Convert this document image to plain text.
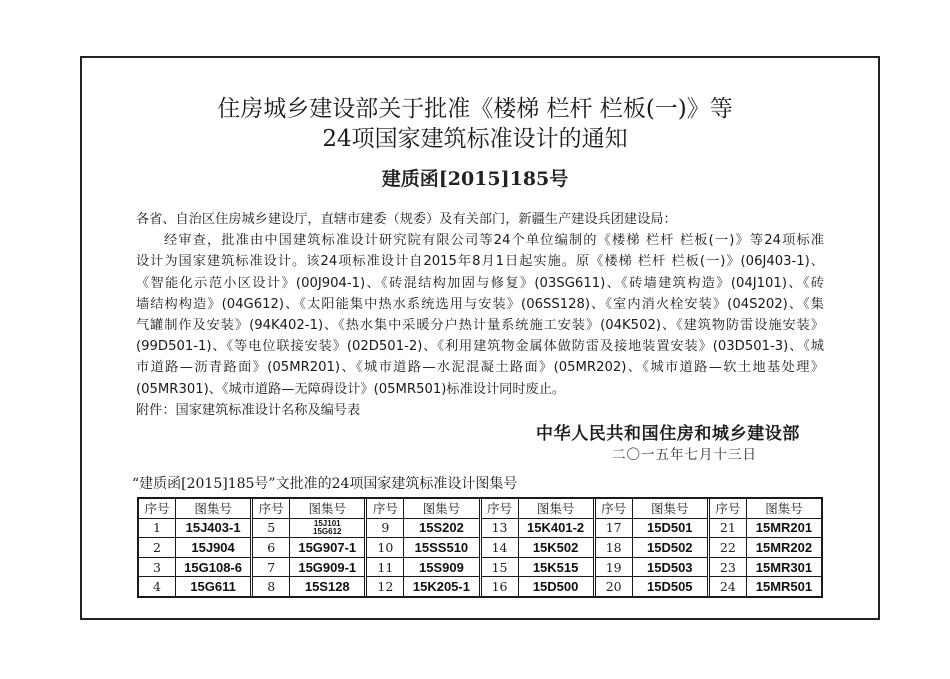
住房城乡建设部关于批准《楼梯 栏杆 栏板(一)》等
24项国家建筑标准设计的通知
建质函[2015]185号
各省、自治区住房城乡建设厅，直辖市建委（规委）及有关部门，新疆生产建设兵团建设局：
经审查，批准由中国建筑标准设计研究院有限公司等24个单位编制的《楼梯 栏杆 栏板(一)》等24项标准
设计为国家建筑标准设计。该24项标准设计自2015年8月1日起实施。原《楼梯 栏杆 栏板(一)》(06J403-1)、
《智能化示范小区设计》(00J904-1)、《砖混结构加固与修复》(03SG611)、《砖墙建筑构造》(04J101)、《砖
墙结构构造》(04G612)、《太阳能集中热水系统选用与安装》(06SS128)、《室内消火栓安装》(04S202)、《集
气罐制作及安装》(94K402-1)、《热水集中采暖分户热计量系统施工安装》(04K502)、《建筑物防雷设施安装》
(99D501-1)、《等电位联接安装》(02D501-2)、《利用建筑物金属体做防雷及接地装置安装》(03D501-3)、《城
市道路—沥青路面》(05MR201)、《城市道路—水泥混凝土路面》(05MR202)、《城市道路—软土地基处理》
(05MR301)、《城市道路—无障碍设计》(05MR501)标准设计同时废止。
附件：国家建筑标准设计名称及编号表
中华人民共和国住房和城乡建设部
二〇一五年七月十三日
“建质函[2015]185号”文批准的24项国家建筑标准设计图集号
序号	图集号
1	15J403-1
2	15J904
3	15G108-6
4	15G611
序号	图集号
5	15J101
15G612
6	15G907-1
7	15G909-1
8	15S128
序号	图集号
9	15S202
10	15SS510
11	15S909
12	15K205-1
序号	图集号
13	15K401-2
14	15K502
15	15K515
16	15D500
序号	图集号
17	15D501
18	15D502
19	15D503
20	15D505
序号	图集号
21	15MR201
22	15MR202
23	15MR301
24	15MR501
